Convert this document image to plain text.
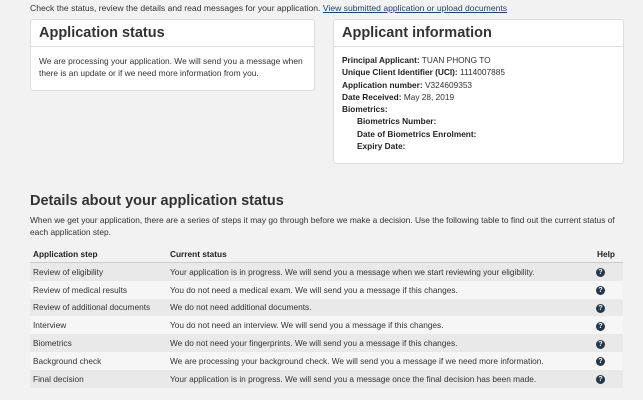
Check the status, review the details and read messages for your application. View submitted application or upload documents
Application status
We are processing your application. We will send you a message when there is an update or if we need more information from you.
Applicant information
Principal Applicant: TUAN PHONG TO
Unique Client Identifier (UCI): 1114007885
Application number: V324609353
Date Received: May 28, 2019
Biometrics:
Biometrics Number:
Date of Biometrics Enrolment:
Expiry Date:
Details about your application status
When we get your application, there are a series of steps it may go through before we make a decision. Use the following table to find out the current status of each application step.
Application step	Current status	Help
Review of eligibility	Your application is in progress. We will send you a message when we start reviewing your eligibility.	?
Review of medical results	You do not need a medical exam. We will send you a message if this changes.	?
Review of additional documents	We do not need additional documents.	?
Interview	You do not need an interview. We will send you a message if this changes.	?
Biometrics	We do not need your fingerprints. We will send you a message if this changes.	?
Background check	We are processing your background check. We will send you a message if we need more information.	?
Final decision	Your application is in progress. We will send you a message once the final decision has been made.	?
